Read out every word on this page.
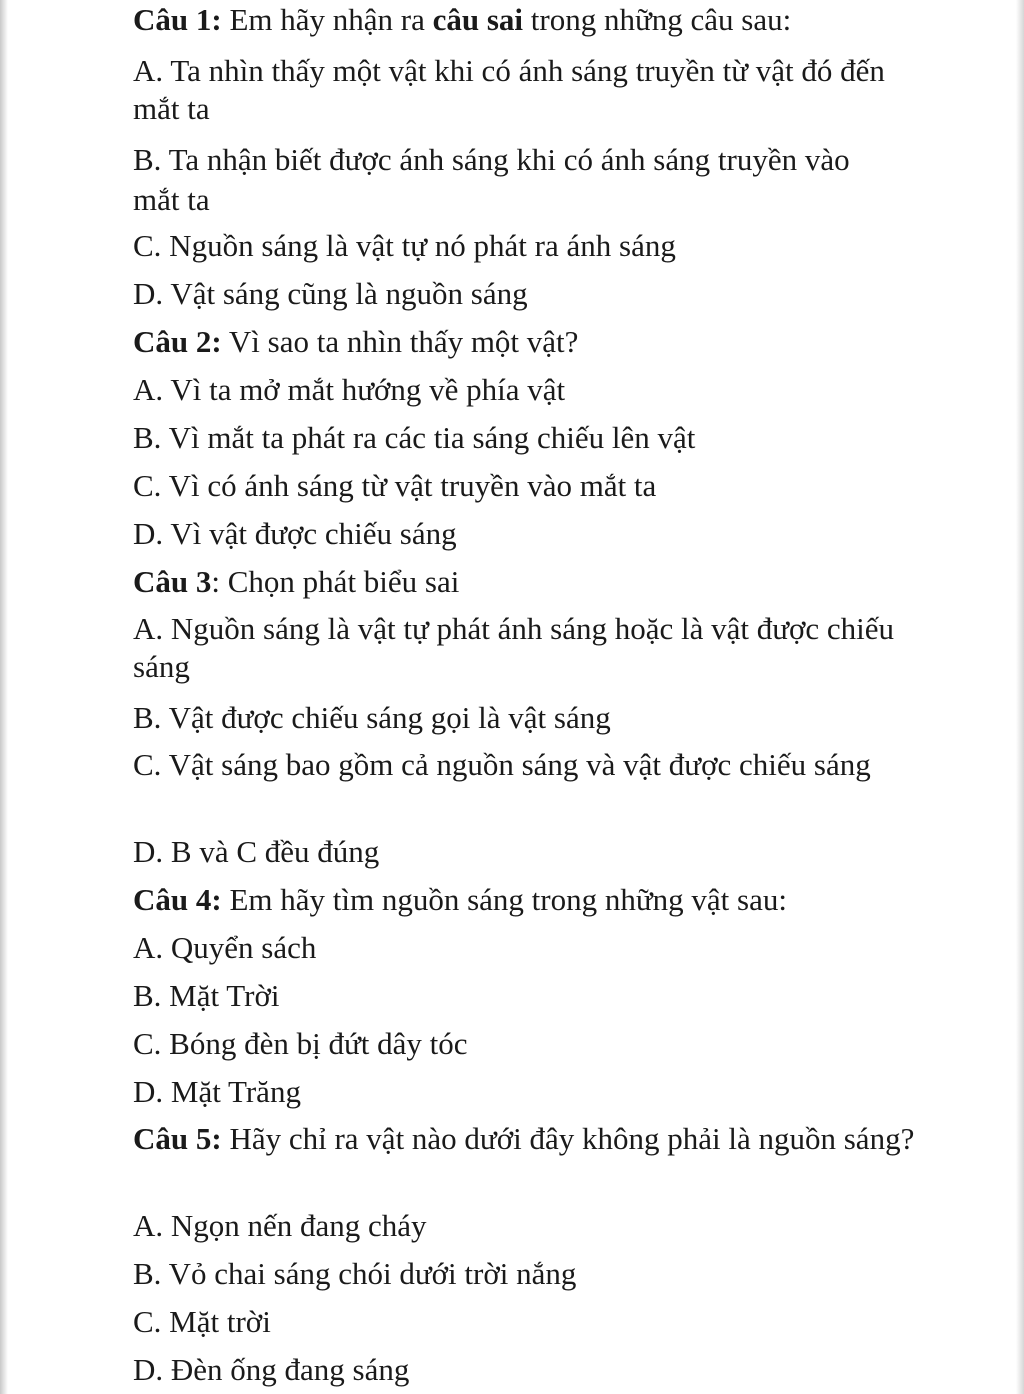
Câu 1: Em hãy nhận ra câu sai trong những câu sau:

A. Ta nhìn thấy một vật khi có ánh sáng truyền từ vật đó đến mắt ta

B. Ta nhận biết được ánh sáng khi có ánh sáng truyền vào mắt ta

C. Nguồn sáng là vật tự nó phát ra ánh sáng

D. Vật sáng cũng là nguồn sáng

Câu 2: Vì sao ta nhìn thấy một vật?

A. Vì ta mở mắt hướng về phía vật

B. Vì mắt ta phát ra các tia sáng chiếu lên vật

C. Vì có ánh sáng từ vật truyền vào mắt ta

D. Vì vật được chiếu sáng

Câu 3: Chọn phát biểu sai

A. Nguồn sáng là vật tự phát ánh sáng hoặc là vật được chiếu sáng

B. Vật được chiếu sáng gọi là vật sáng

C. Vật sáng bao gồm cả nguồn sáng và vật được chiếu sáng

D. B và C đều đúng

Câu 4: Em hãy tìm nguồn sáng trong những vật sau:

A. Quyển sách

B. Mặt Trời

C. Bóng đèn bị đứt dây tóc

D. Mặt Trăng

Câu 5: Hãy chỉ ra vật nào dưới đây không phải là nguồn sáng?

A. Ngọn nến đang cháy

B. Vỏ chai sáng chói dưới trời nắng

C. Mặt trời

D. Đèn ống đang sáng
